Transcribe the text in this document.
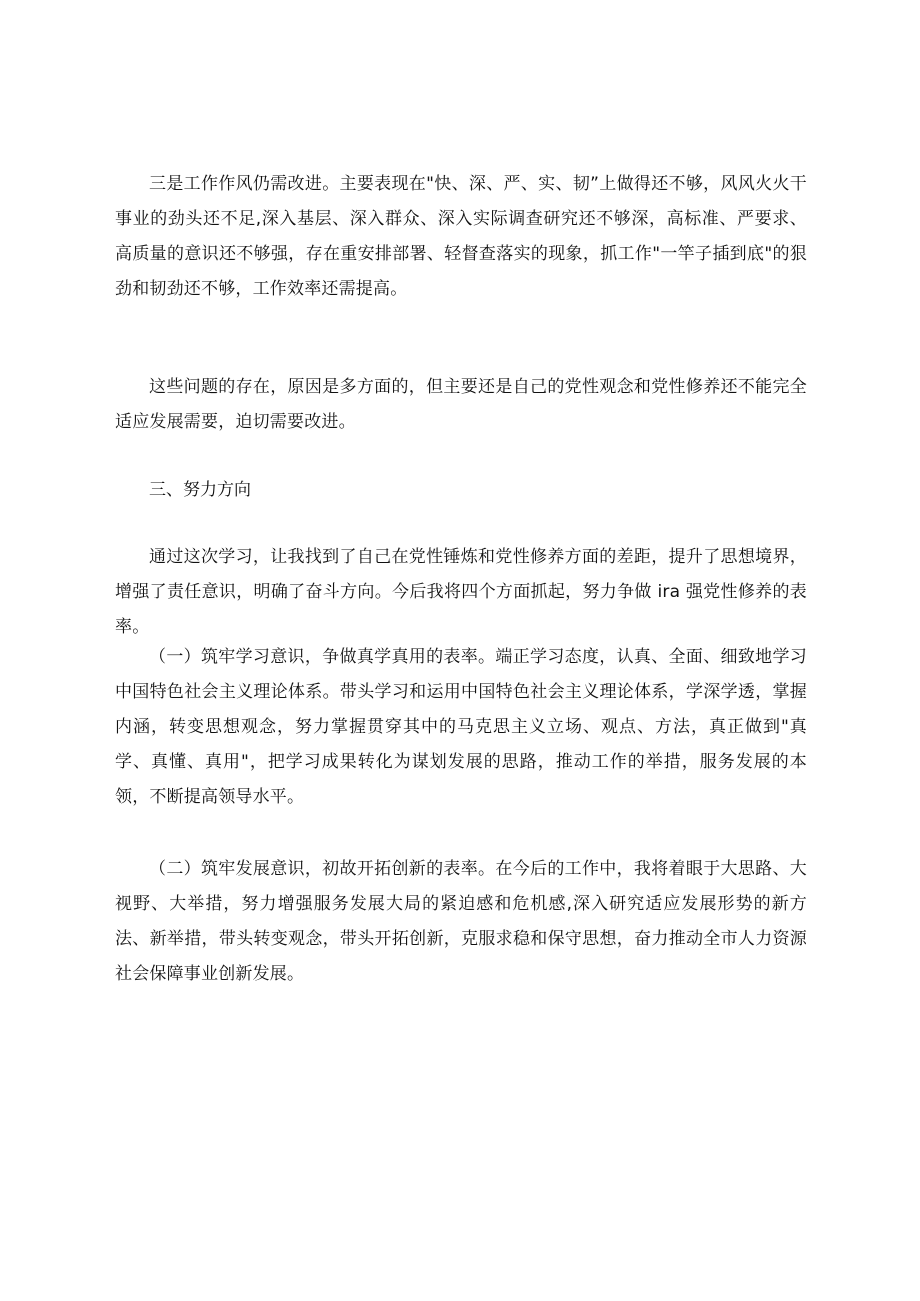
三是工作作风仍需改进。主要表现在"快、深、严、实、韧”上做得还不够，风风火火干事业的劲头还不足,深入基层、深入群众、深入实际调查研究还不够深，高标准、严要求、高质量的意识还不够强，存在重安排部署、轻督查落实的现象，抓工作"一竿子插到底"的狠劲和韧劲还不够，工作效率还需提高。

这些问题的存在，原因是多方面的，但主要还是自己的党性观念和党性修养还不能完全适应发展需要，迫切需要改进。

三、努力方向

通过这次学习，让我找到了自己在党性锤炼和党性修养方面的差距，提升了思想境界，增强了责任意识，明确了奋斗方向。今后我将四个方面抓起，努力争做 ira 强党性修养的表率。

（一）筑牢学习意识，争做真学真用的表率。端正学习态度，认真、全面、细致地学习中国特色社会主义理论体系。带头学习和运用中国特色社会主义理论体系，学深学透，掌握内涵，转变思想观念，努力掌握贯穿其中的马克思主义立场、观点、方法，真正做到"真学、真懂、真用"，把学习成果转化为谋划发展的思路，推动工作的举措，服务发展的本领，不断提高领导水平。

（二）筑牢发展意识，初故开拓创新的表率。在今后的工作中，我将着眼于大思路、大视野、大举措，努力增强服务发展大局的紧迫感和危机感,深入研究适应发展形势的新方法、新举措，带头转变观念，带头开拓创新，克服求稳和保守思想，奋力推动全市人力资源社会保障事业创新发展。
